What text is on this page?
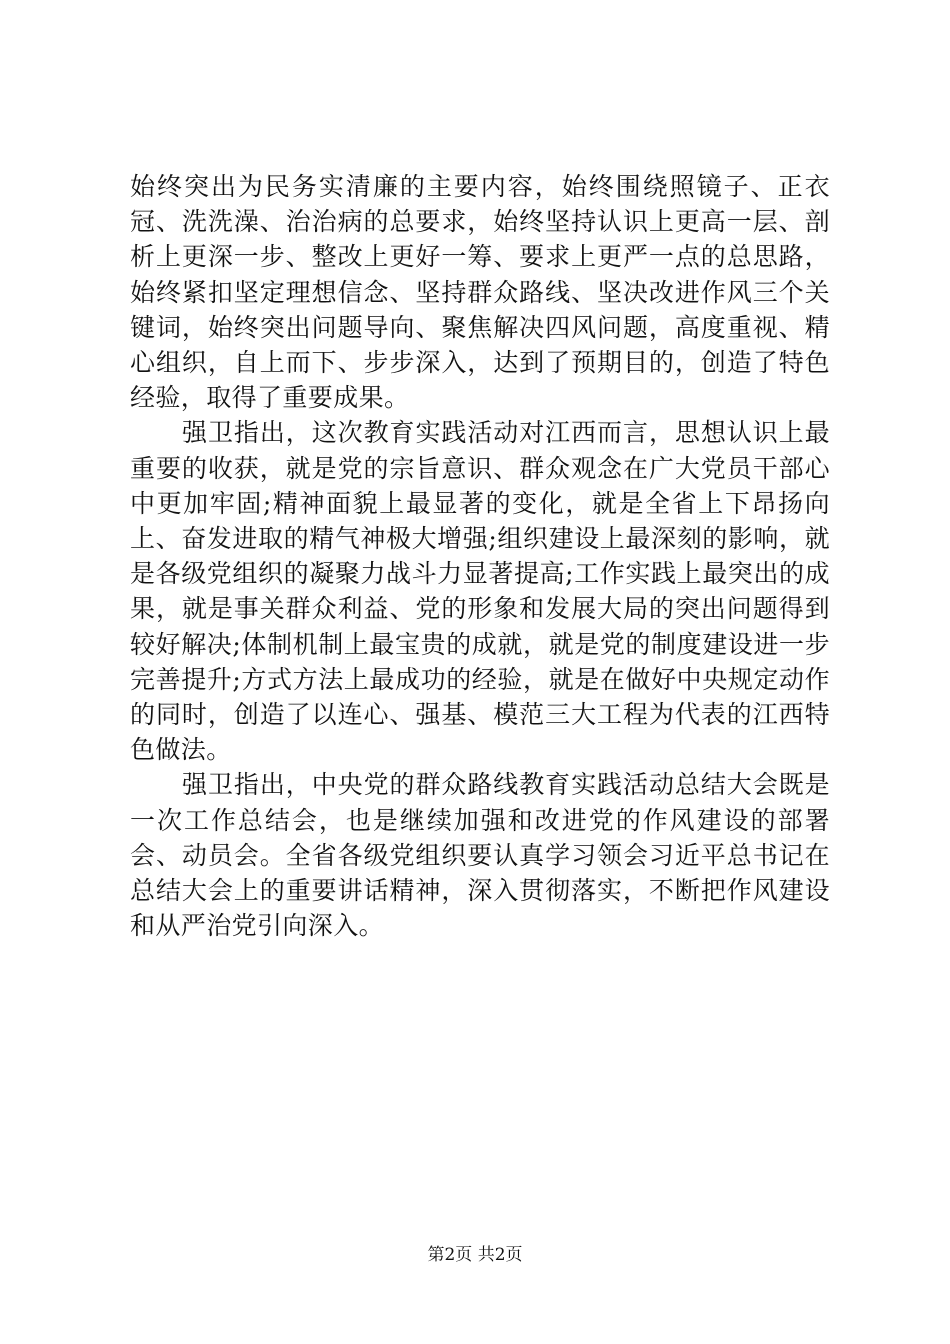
始终突出为民务实清廉的主要内容，始终围绕照镜子、正衣冠、洗洗澡、治治病的总要求，始终坚持认识上更高一层、剖析上更深一步、整改上更好一筹、要求上更严一点的总思路，始终紧扣坚定理想信念、坚持群众路线、坚决改进作风三个关键词，始终突出问题导向、聚焦解决四风问题，高度重视、精心组织，自上而下、步步深入，达到了预期目的，创造了特色经验，取得了重要成果。

强卫指出，这次教育实践活动对江西而言，思想认识上最重要的收获，就是党的宗旨意识、群众观念在广大党员干部心中更加牢固;精神面貌上最显著的变化，就是全省上下昂扬向上、奋发进取的精气神极大增强;组织建设上最深刻的影响，就是各级党组织的凝聚力战斗力显著提高;工作实践上最突出的成果，就是事关群众利益、党的形象和发展大局的突出问题得到较好解决;体制机制上最宝贵的成就，就是党的制度建设进一步完善提升;方式方法上最成功的经验，就是在做好中央规定动作的同时，创造了以连心、强基、模范三大工程为代表的江西特色做法。

强卫指出，中央党的群众路线教育实践活动总结大会既是一次工作总结会，也是继续加强和改进党的作风建设的部署会、动员会。全省各级党组织要认真学习领会习近平总书记在总结大会上的重要讲话精神，深入贯彻落实，不断把作风建设和从严治党引向深入。

第2页 共2页
